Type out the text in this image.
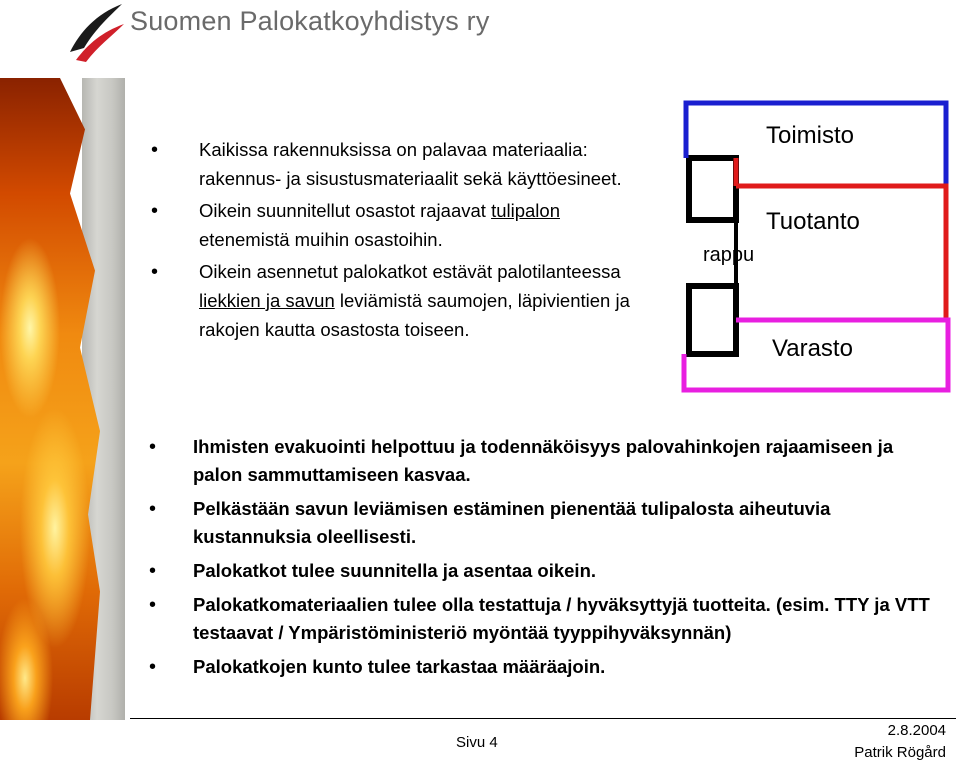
Suomen Palokatkoyhdistys ry
• Kaikissa rakennuksissa on palavaa materiaalia: rakennus- ja sisustusmateriaalit sekä käyttöesineet.
• Oikein suunnitellut osastot rajaavat tulipalon etenemistä muihin osastoihin.
• Oikein asennetut palokatkot estävät palotilanteessa liekkien ja savun leviämistä saumojen, läpivientien ja rakojen kautta osastosta toiseen.
Toimisto
Tuotanto
rappu
Varasto
• Ihmisten evakuointi helpottuu ja todennäköisyys palovahinkojen rajaamiseen ja palon sammuttamiseen kasvaa.
• Pelkästään savun leviämisen estäminen pienentää tulipalosta aiheutuvia kustannuksia oleellisesti.
• Palokatkot tulee suunnitella ja asentaa oikein.
• Palokatkomateriaalien tulee olla testattuja / hyväksyttyjä tuotteita. (esim. TTY ja VTT testaavat / Ympäristöministeriö myöntää tyyppihyväksynnän)
• Palokatkojen kunto tulee tarkastaa määräajoin.
Sivu 4
2.8.2004
Patrik Rögård
